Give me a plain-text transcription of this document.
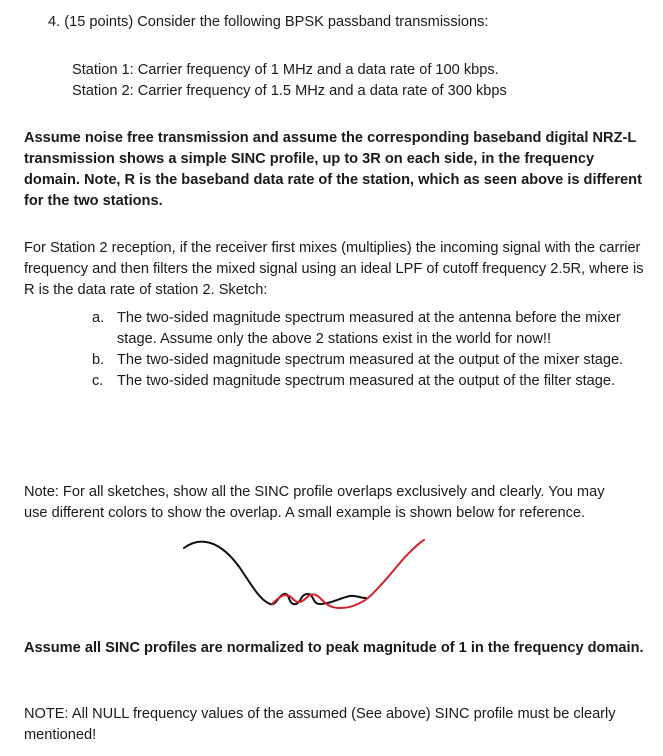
4. (15 points) Consider the following BPSK passband transmissions:
Station 1: Carrier frequency of 1 MHz and a data rate of 100 kbps.
Station 2: Carrier frequency of 1.5 MHz and a data rate of 300 kbps

Assume noise free transmission and assume the corresponding baseband digital NRZ-L transmission shows a simple SINC profile, up to 3R on each side, in the frequency domain. Note, R is the baseband data rate of the station, which as seen above is different for the two stations.

For Station 2 reception, if the receiver first mixes (multiplies) the incoming signal with the carrier frequency and then filters the mixed signal using an ideal LPF of cutoff frequency 2.5R, where is R is the data rate of station 2. Sketch:

a. The two-sided magnitude spectrum measured at the antenna before the mixer stage. Assume only the above 2 stations exist in the world for now!!
b. The two-sided magnitude spectrum measured at the output of the mixer stage.
c. The two-sided magnitude spectrum measured at the output of the filter stage.

Note: For all sketches, show all the SINC profile overlaps exclusively and clearly. You may use different colors to show the overlap. A small example is shown below for reference.

Assume all SINC profiles are normalized to peak magnitude of 1 in the frequency domain.

NOTE: All NULL frequency values of the assumed (See above) SINC profile must be clearly mentioned!
